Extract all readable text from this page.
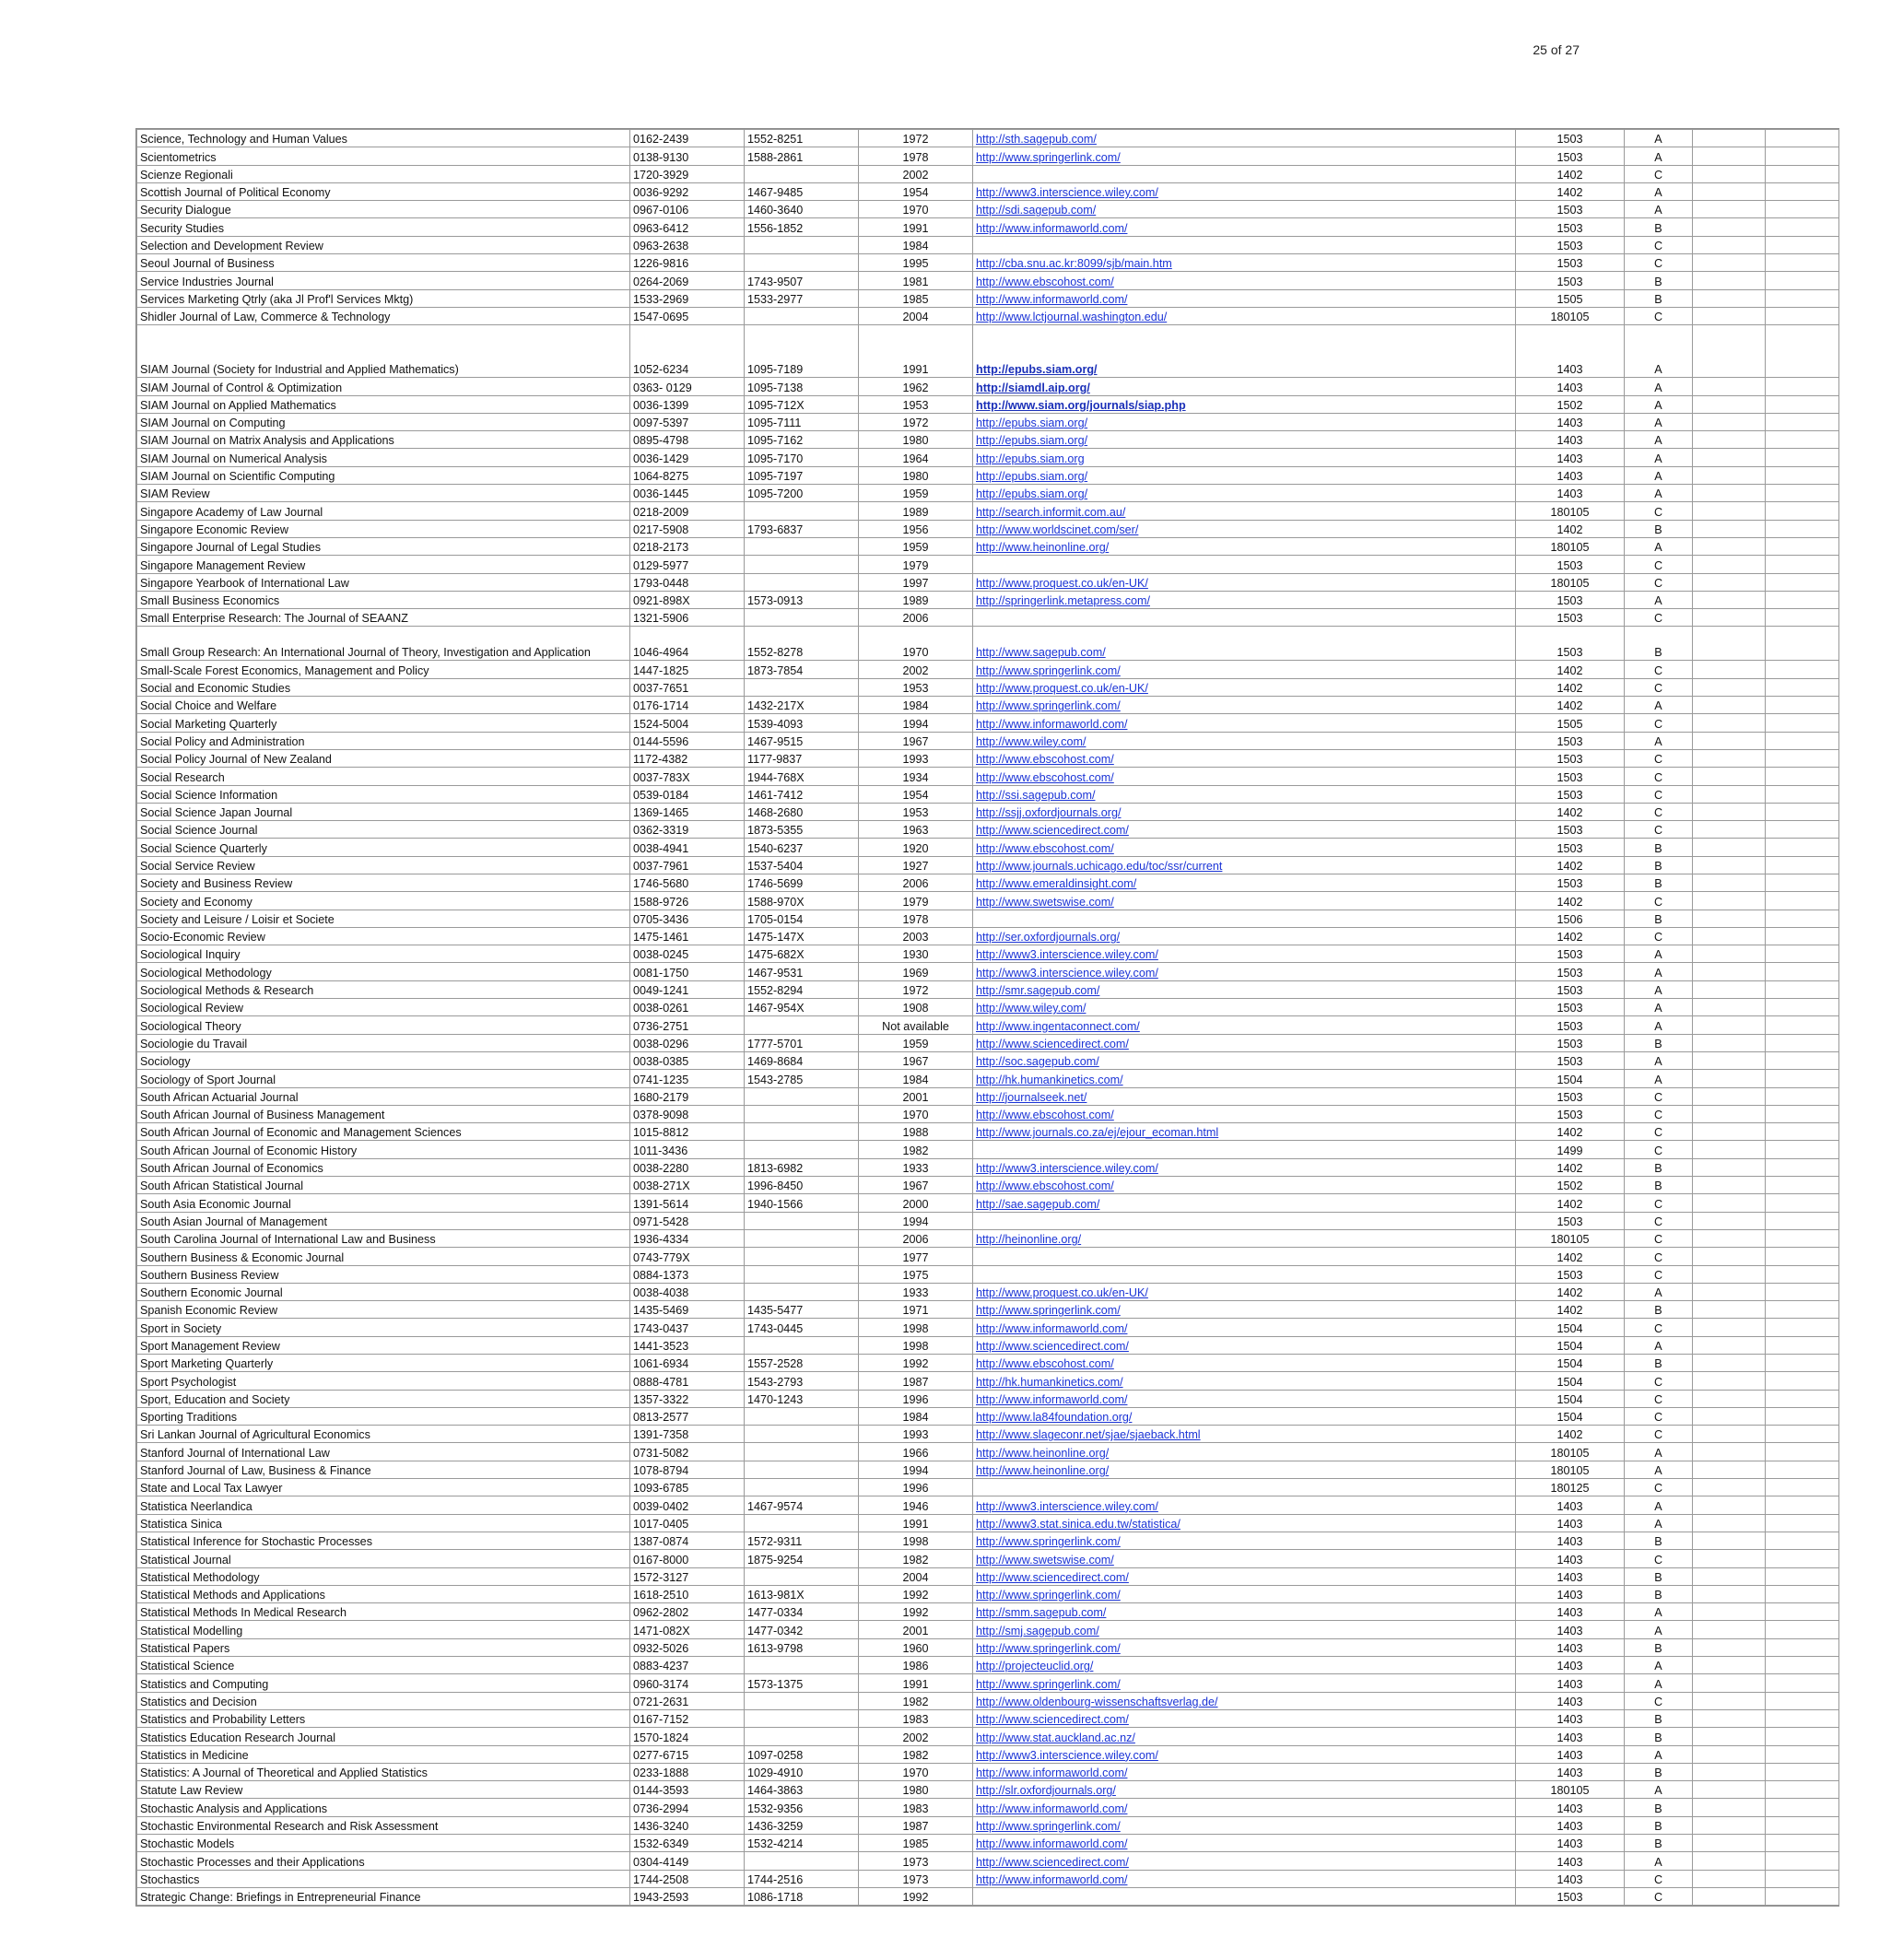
25 of 27
Science, Technology and Human Values	0162-2439	1552-8251	1972	http://sth.sagepub.com/	1503	A		
Scientometrics	0138-9130	1588-2861	1978	http://www.springerlink.com/	1503	A		
Scienze Regionali	1720-3929		2002		1402	C		
Scottish Journal of Political Economy	0036-9292	1467-9485	1954	http://www3.interscience.wiley.com/	1402	A		
Security Dialogue	0967-0106	1460-3640	1970	http://sdi.sagepub.com/	1503	A		
Security Studies	0963-6412	1556-1852	1991	http://www.informaworld.com/	1503	B		
Selection and Development Review	0963-2638		1984		1503	C		
Seoul Journal of Business	1226-9816		1995	http://cba.snu.ac.kr:8099/sjb/main.htm	1503	C		
Service Industries Journal	0264-2069	1743-9507	1981	http://www.ebscohost.com/	1503	B		
Services Marketing Qtrly (aka Jl Prof'l Services Mktg)	1533-2969	1533-2977	1985	http://www.informaworld.com/	1505	B		
Shidler Journal of Law, Commerce & Technology	1547-0695		2004	http://www.lctjournal.washington.edu/	180105	C		
SIAM Journal (Society for Industrial and Applied Mathematics)	1052-6234	1095-7189	1991	http://epubs.siam.org/	1403	A		
SIAM Journal of Control & Optimization	0363- 0129	1095-7138	1962	http://siamdl.aip.org/	1403	A		
SIAM Journal on Applied Mathematics	0036-1399	1095-712X	1953	http://www.siam.org/journals/siap.php	1502	A		
SIAM Journal on Computing	0097-5397	1095-7111	1972	http://epubs.siam.org/	1403	A		
SIAM Journal on Matrix Analysis and Applications	0895-4798	1095-7162	1980	http://epubs.siam.org/	1403	A		
SIAM Journal on Numerical Analysis	0036-1429	1095-7170	1964	http://epubs.siam.org	1403	A		
SIAM Journal on Scientific Computing	1064-8275	1095-7197	1980	http://epubs.siam.org/	1403	A		
SIAM Review	0036-1445	1095-7200	1959	http://epubs.siam.org/	1403	A		
Singapore Academy of Law Journal	0218-2009		1989	http://search.informit.com.au/	180105	C		
Singapore Economic Review	0217-5908	1793-6837	1956	http://www.worldscinet.com/ser/	1402	B		
Singapore Journal of Legal Studies	0218-2173		1959	http://www.heinonline.org/	180105	A		
Singapore Management Review	0129-5977		1979		1503	C		
Singapore Yearbook of International Law	1793-0448		1997	http://www.proquest.co.uk/en-UK/	180105	C		
Small Business Economics	0921-898X	1573-0913	1989	http://springerlink.metapress.com/	1503	A		
Small Enterprise Research: The Journal of SEAANZ	1321-5906		2006		1503	C		
Small Group Research: An International Journal of Theory, Investigation and Application	1046-4964	1552-8278	1970	http://www.sagepub.com/	1503	B		
Small-Scale Forest Economics, Management and Policy	1447-1825	1873-7854	2002	http://www.springerlink.com/	1402	C		
Social and Economic Studies	0037-7651		1953	http://www.proquest.co.uk/en-UK/	1402	C		
Social Choice and Welfare	0176-1714	1432-217X	1984	http://www.springerlink.com/	1402	A		
Social Marketing Quarterly	1524-5004	1539-4093	1994	http://www.informaworld.com/	1505	C		
Social Policy and Administration	0144-5596	1467-9515	1967	http://www.wiley.com/	1503	A		
Social Policy Journal of New Zealand	1172-4382	1177-9837	1993	http://www.ebscohost.com/	1503	C		
Social Research	0037-783X	1944-768X	1934	http://www.ebscohost.com/	1503	C		
Social Science Information	0539-0184	1461-7412	1954	http://ssi.sagepub.com/	1503	C		
Social Science Japan Journal	1369-1465	1468-2680	1953	http://ssjj.oxfordjournals.org/	1402	C		
Social Science Journal	0362-3319	1873-5355	1963	http://www.sciencedirect.com/	1503	C		
Social Science Quarterly	0038-4941	1540-6237	1920	http://www.ebscohost.com/	1503	B		
Social Service Review	0037-7961	1537-5404	1927	http://www.journals.uchicago.edu/toc/ssr/current	1402	B		
Society and Business Review	1746-5680	1746-5699	2006	http://www.emeraldinsight.com/	1503	B		
Society and Economy	1588-9726	1588-970X	1979	http://www.swetswise.com/	1402	C		
Society and Leisure / Loisir et Societe	0705-3436	1705-0154	1978		1506	B		
Socio-Economic Review	1475-1461	1475-147X	2003	http://ser.oxfordjournals.org/	1402	C		
Sociological Inquiry	0038-0245	1475-682X	1930	http://www3.interscience.wiley.com/	1503	A		
Sociological Methodology	0081-1750	1467-9531	1969	http://www3.interscience.wiley.com/	1503	A		
Sociological Methods & Research	0049-1241	1552-8294	1972	http://smr.sagepub.com/	1503	A		
Sociological Review	0038-0261	1467-954X	1908	http://www.wiley.com/	1503	A		
Sociological Theory	0736-2751		Not available	http://www.ingentaconnect.com/	1503	A		
Sociologie du Travail	0038-0296	1777-5701	1959	http://www.sciencedirect.com/	1503	B		
Sociology	0038-0385	1469-8684	1967	http://soc.sagepub.com/	1503	A		
Sociology of Sport Journal	0741-1235	1543-2785	1984	http://hk.humankinetics.com/	1504	A		
South African Actuarial Journal	1680-2179		2001	http://journalseek.net/	1503	C		
South African Journal of Business Management	0378-9098		1970	http://www.ebscohost.com/	1503	C		
South African Journal of Economic and Management Sciences	1015-8812		1988	http://www.journals.co.za/ej/ejour_ecoman.html	1402	C		
South African Journal of Economic History	1011-3436		1982		1499	C		
South African Journal of Economics	0038-2280	1813-6982	1933	http://www3.interscience.wiley.com/	1402	B		
South African Statistical Journal	0038-271X	1996-8450	1967	http://www.ebscohost.com/	1502	B		
South Asia Economic Journal	1391-5614	1940-1566	2000	http://sae.sagepub.com/	1402	C		
South Asian Journal of Management	0971-5428		1994		1503	C		
South Carolina Journal of International Law and Business	1936-4334		2006	http://heinonline.org/	180105	C		
Southern Business & Economic Journal	0743-779X		1977		1402	C		
Southern Business Review	0884-1373		1975		1503	C		
Southern Economic Journal	0038-4038		1933	http://www.proquest.co.uk/en-UK/	1402	A		
Spanish Economic Review	1435-5469	1435-5477	1971	http://www.springerlink.com/	1402	B		
Sport in Society	1743-0437	1743-0445	1998	http://www.informaworld.com/	1504	C		
Sport Management Review	1441-3523		1998	http://www.sciencedirect.com/	1504	A		
Sport Marketing Quarterly	1061-6934	1557-2528	1992	http://www.ebscohost.com/	1504	B		
Sport Psychologist	0888-4781	1543-2793	1987	http://hk.humankinetics.com/	1504	C		
Sport, Education and Society	1357-3322	1470-1243	1996	http://www.informaworld.com/	1504	C		
Sporting Traditions	0813-2577		1984	http://www.la84foundation.org/	1504	C		
Sri Lankan Journal of Agricultural Economics	1391-7358		1993	http://www.slageconr.net/sjae/sjaeback.html	1402	C		
Stanford Journal of International Law	0731-5082		1966	http://www.heinonline.org/	180105	A		
Stanford Journal of Law, Business & Finance	1078-8794		1994	http://www.heinonline.org/	180105	A		
State and Local Tax Lawyer	1093-6785		1996		180125	C		
Statistica Neerlandica	0039-0402	1467-9574	1946	http://www3.interscience.wiley.com/	1403	A		
Statistica Sinica	1017-0405		1991	http://www3.stat.sinica.edu.tw/statistica/	1403	A		
Statistical Inference for Stochastic Processes	1387-0874	1572-9311	1998	http://www.springerlink.com/	1403	B		
Statistical Journal	0167-8000	1875-9254	1982	http://www.swetswise.com/	1403	C		
Statistical Methodology	1572-3127		2004	http://www.sciencedirect.com/	1403	B		
Statistical Methods and Applications	1618-2510	1613-981X	1992	http://www.springerlink.com/	1403	B		
Statistical Methods In Medical Research	0962-2802	1477-0334	1992	http://smm.sagepub.com/	1403	A		
Statistical Modelling	1471-082X	1477-0342	2001	http://smj.sagepub.com/	1403	A		
Statistical Papers	0932-5026	1613-9798	1960	http://www.springerlink.com/	1403	B		
Statistical Science	0883-4237		1986	http://projecteuclid.org/	1403	A		
Statistics and Computing	0960-3174	1573-1375	1991	http://www.springerlink.com/	1403	A		
Statistics and Decision	0721-2631		1982	http://www.oldenbourg-wissenschaftsverlag.de/	1403	C		
Statistics and Probability Letters	0167-7152		1983	http://www.sciencedirect.com/	1403	B		
Statistics Education Research Journal	1570-1824		2002	http://www.stat.auckland.ac.nz/	1403	B		
Statistics in Medicine	0277-6715	1097-0258	1982	http://www3.interscience.wiley.com/	1403	A		
Statistics: A Journal of Theoretical and Applied Statistics	0233-1888	1029-4910	1970	http://www.informaworld.com/	1403	B		
Statute Law Review	0144-3593	1464-3863	1980	http://slr.oxfordjournals.org/	180105	A		
Stochastic Analysis and Applications	0736-2994	1532-9356	1983	http://www.informaworld.com/	1403	B		
Stochastic Environmental Research and Risk Assessment	1436-3240	1436-3259	1987	http://www.springerlink.com/	1403	B		
Stochastic Models	1532-6349	1532-4214	1985	http://www.informaworld.com/	1403	B		
Stochastic Processes and their Applications	0304-4149		1973	http://www.sciencedirect.com/	1403	A		
Stochastics	1744-2508	1744-2516	1973	http://www.informaworld.com/	1403	C		
Strategic Change: Briefings in Entrepreneurial Finance	1943-2593	1086-1718	1992		1503	C		
